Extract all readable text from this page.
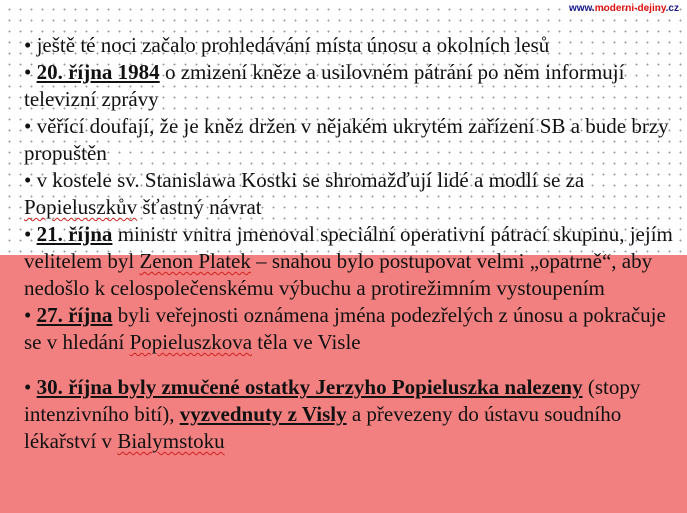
www.moderni-dejiny.cz
• ještě té noci začalo prohledávání místa únosu a okolních lesů
• 20. října 1984 o zmizení kněze a usilovném pátrání po něm informují televizní zprávy
• věřící doufají, že je kněz držen v nějakém ukrytém zařízení SB a bude brzy propuštěn
• v kostele sv. Stanislawa Kostki se shromažďují lidé a modlí se za Popieluszkův šťastný návrat
• 21. října ministr vnitra jmenoval speciální operativní pátrací skupinu, jejím velitelem byl Zenon Platek – snahou bylo postupovat velmi „opatrně“, aby nedošlo k celospolečenskému výbuchu a protirežimním vystoupením
• 27. října byli veřejnosti oznámena jména podezřelých z únosu a pokračuje se v hledání Popieluszkova těla ve Visle
• 30. října byly zmučené ostatky Jerzyho Popieluszka nalezeny (stopy intenzivního bití), vyzvednuty z Visly a převezeny do ústavu soudního lékařství v Bialymstoku
